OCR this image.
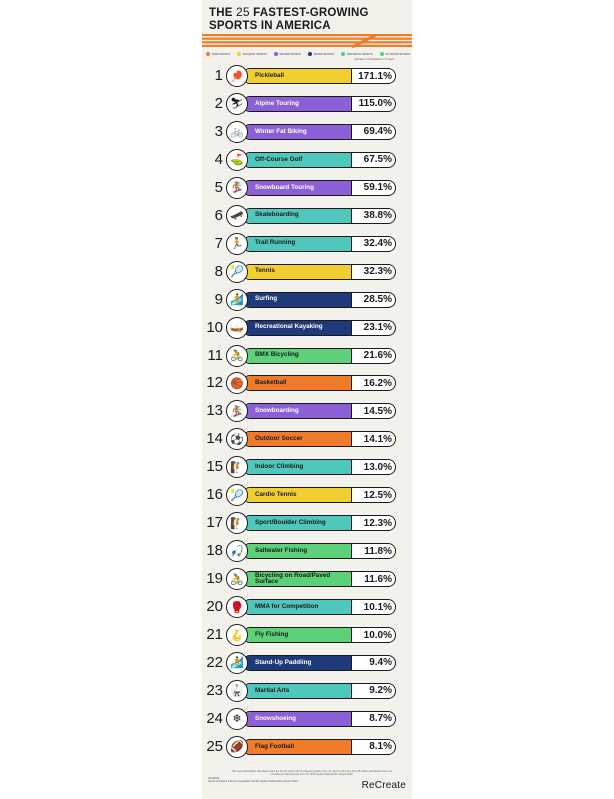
THE 25 FASTEST-GROWING
SPORTS IN AMERICA
TEAM SPORTS	RACQUET SPORTS	WINTER SPORTS	WATER SPORTS	INDIVIDUAL SPORTS	OUTDOOR SPORTS
Increase in Participation in 5 Years
1	Pickleball	171.1%
🏓
2	Alpine Touring	115.0%
⛷
3	Winter Fat Biking	69.4%
🚲
4	Off-Course Golf	67.5%
⛳
5	Snowboard Touring	59.1%
🏂
6	Skateboarding	38.8%
🛹
7	Trail Running	32.4%
🏃
8	Tennis	32.3%
🎾
9	Surfing	28.5%
🏄
10	Recreational Kayaking	23.1%
🛶
11	BMX Bicycling	21.6%
🚴
12	Basketball	16.2%
🏀
13	Snowboarding	14.5%
🏂
14	Outdoor Soccer	14.1%
⚽
15	Indoor Climbing	13.0%
🧗
16	Cardio Tennis	12.5%
🎾
17	Sport/Boulder Climbing	12.3%
🧗
18	Saltwater Fishing	11.8%
🎣
19	Bicycling on Road/Paved Surface	11.6%
🚴
20	MMA for Competition	10.1%
🥊
21	Fly Fishing	10.0%
🪝
22	Stand-Up Paddling	9.4%
🏄
23	Martial Arts	9.2%
🥋
24	Snowshoeing	8.7%
❄
25	Flag Football	8.1%
🏈
We used participation rate data to rank the top 25 sports with the largest growth in the US. Sports with more than 25 million participants were not considered. Data sourced from the SFIA Topline Participation Report 2022.
SOURCE:
Sports & Fitness Industry Association (SFIA) Topline Participation Report 2022	ReCreate
